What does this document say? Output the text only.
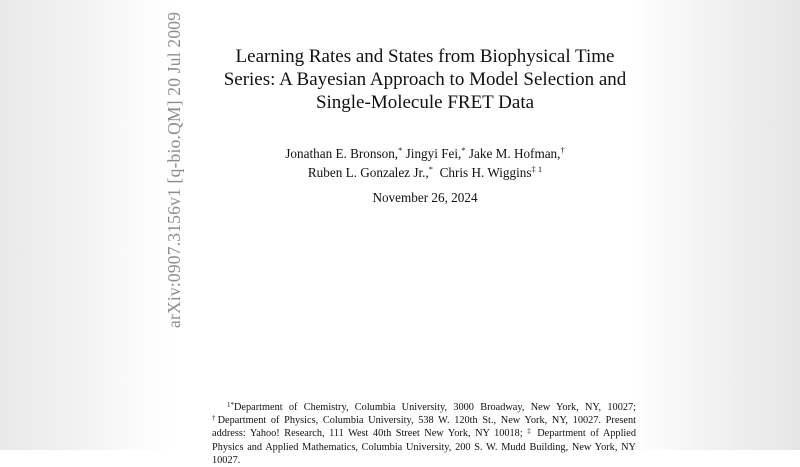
arXiv:0907.3156v1 [q-bio.QM] 20 Jul 2009	Learning Rates and States from Biophysical Time
Series: A Bayesian Approach to Model Selection and
Single-Molecule FRET Data
Jonathan E. Bronson,* Jingyi Fei,* Jake M. Hofman,†
Ruben L. Gonzalez Jr.,* Chris H. Wiggins$^{\ddagger 1}$
November 26, 2024
$^{1*}$Department of Chemistry, Columbia University, 3000 Broadway, New York, NY, 10027; †Department of Physics, Columbia University, 538 W. 120th St., New York, NY, 10027. Present address: Yahoo! Research, 111 West 40th Street New York, NY 10018; ‡ Department of Applied Physics and Applied Mathematics, Columbia University, 200 S. W. Mudd Building, New York, NY 10027.
